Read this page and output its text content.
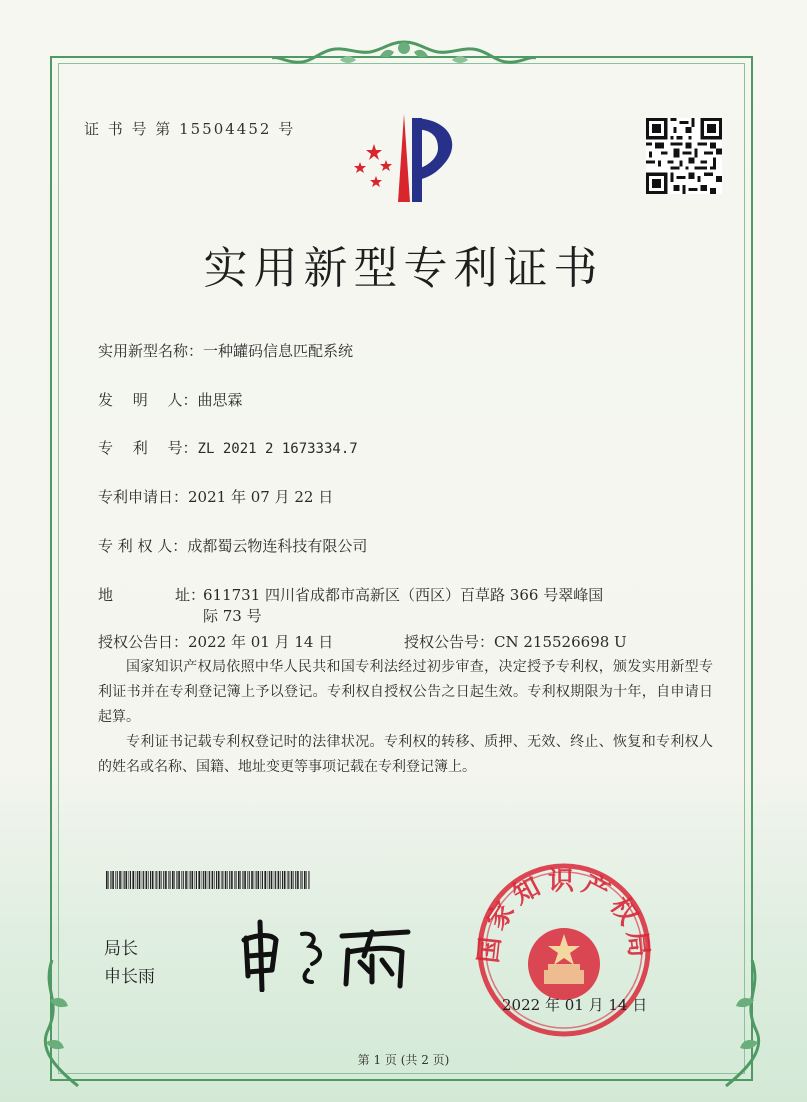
证 书 号 第 15504452 号
实用新型专利证书
实用新型名称：一种罐码信息匹配系统
发　 明　 人：曲思霖
专　 利　 号：ZL 2021 2 1673334.7
专利申请日：2021 年 07 月 22 日
专 利 权 人：成都蜀云物连科技有限公司
地	址：
611731 四川省成都市高新区（西区）百草路 366 号翠峰国
际 73 号
授权公告日：2022 年 01 月 14 日	授权公告号：CN 215526698 U

国家知识产权局依照中华人民共和国专利法经过初步审查，决定授予专利权，颁发实用新型专利证书并在专利登记簿上予以登记。专利权自授权公告之日起生效。专利权期限为十年，自申请日起算。

专利证书记载专利权登记时的法律状况。专利权的转移、质押、无效、终止、恢复和专利权人的姓名或名称、国籍、地址变更等事项记载在专利登记簿上。

局长
申长雨
国家知识产权局
2022 年 01 月 14 日
第 1 页 (共 2 页)
